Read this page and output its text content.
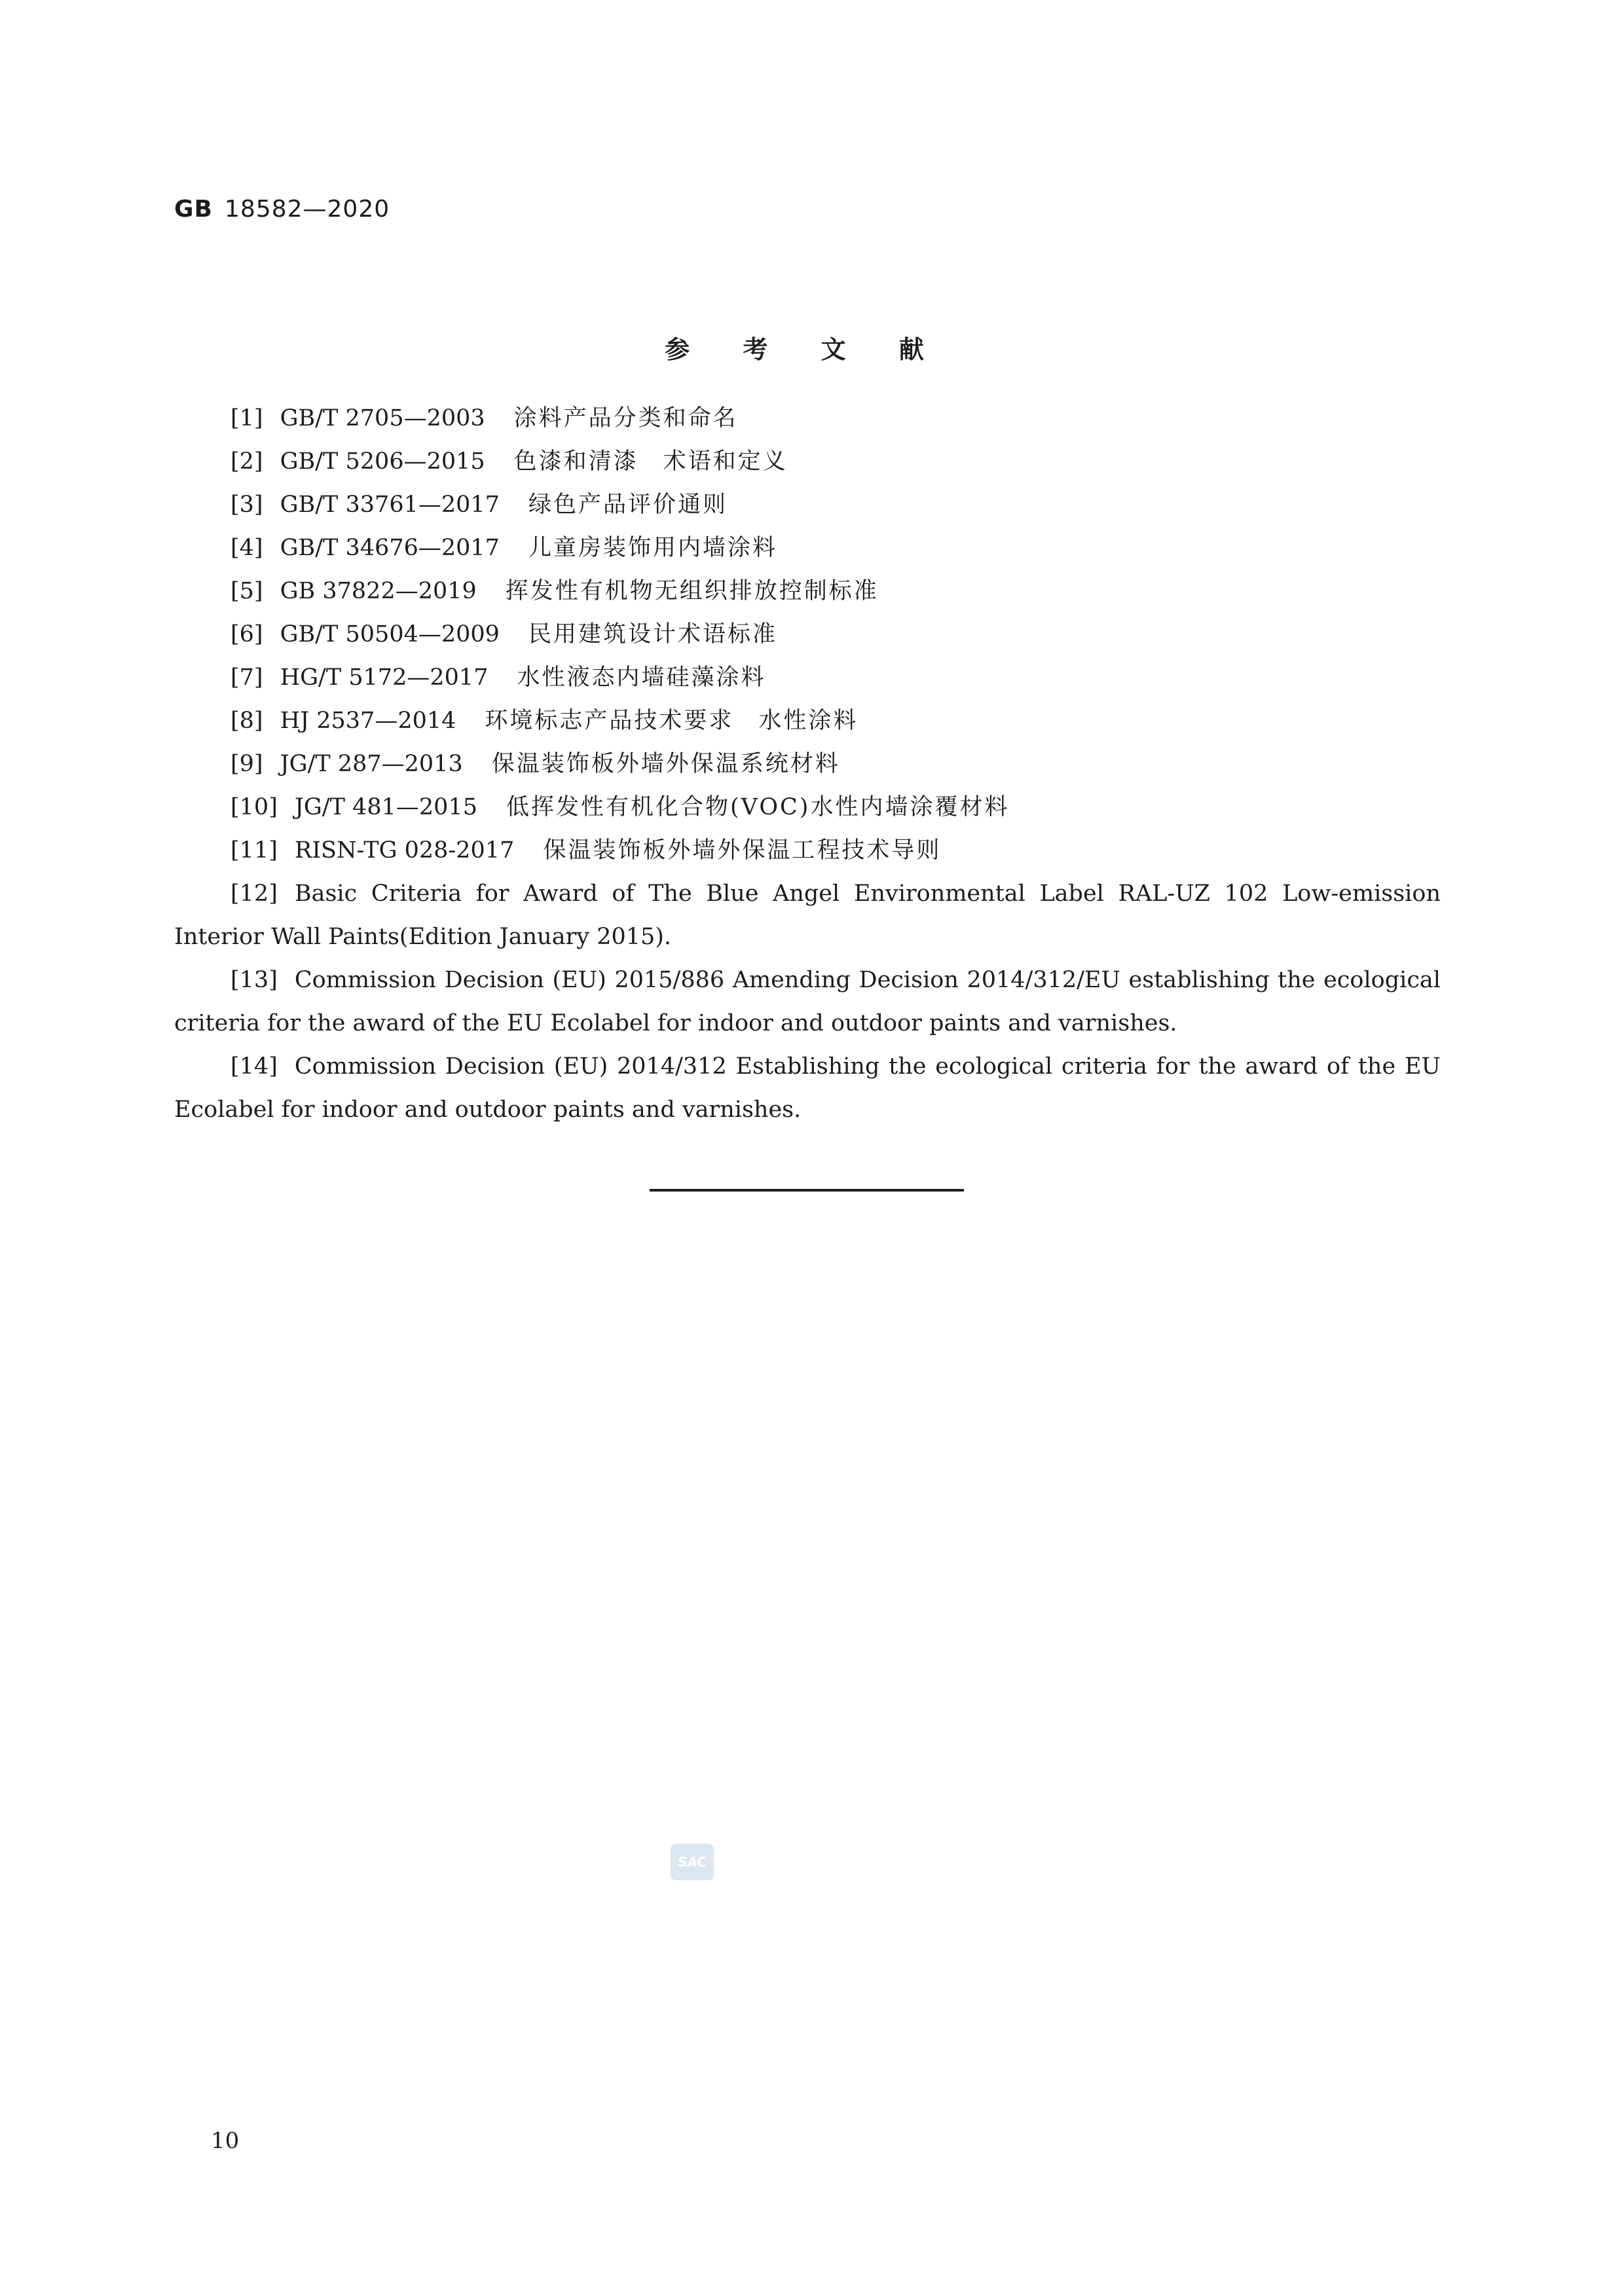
GB 18582—2020
参 考 文 献
[1] GB/T 2705—2003 涂料产品分类和命名
[2] GB/T 5206—2015 色漆和清漆　术语和定义
[3] GB/T 33761—2017 绿色产品评价通则
[4] GB/T 34676—2017 儿童房装饰用内墙涂料
[5] GB 37822—2019 挥发性有机物无组织排放控制标准
[6] GB/T 50504—2009 民用建筑设计术语标准
[7] HG/T 5172—2017 水性液态内墙硅藻涂料
[8] HJ 2537—2014 环境标志产品技术要求　水性涂料
[9] JG/T 287—2013 保温装饰板外墙外保温系统材料
[10] JG/T 481—2015 低挥发性有机化合物(VOC)水性内墙涂覆材料
[11] RISN-TG 028-2017 保温装饰板外墙外保温工程技术导则
[12] Basic Criteria for Award of The Blue Angel Environmental Label RAL-UZ 102 Low-emission Interior Wall Paints(Edition January 2015).
[13] Commission Decision (EU) 2015/886 Amending Decision 2014/312/EU establishing the ecological criteria for the award of the EU Ecolabel for indoor and outdoor paints and varnishes.
[14] Commission Decision (EU) 2014/312 Establishing the ecological criteria for the award of the EU Ecolabel for indoor and outdoor paints and varnishes.
SAC
10
